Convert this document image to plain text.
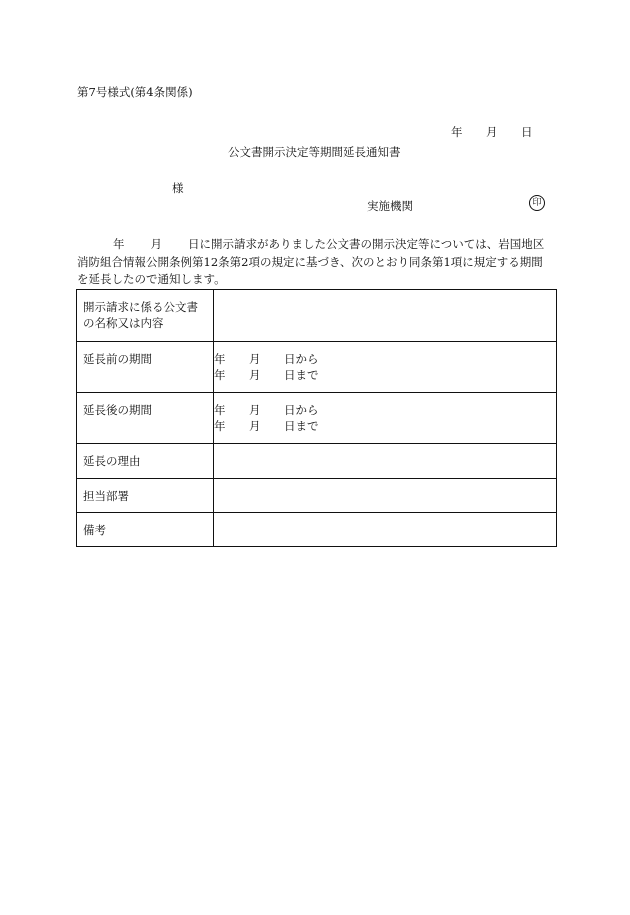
第7号様式(第4条関係)
年 月 日
公文書開示決定等期間延長通知書
様
実施機関	印
年 月 日に開示請求がありました公文書の開示決定等については、岩国地区
消防組合情報公開条例第12条第2項の規定に基づき、次のとおり同条第1項に規定する期間
を延長したので通知します。
開示請求に係る公文書の名称又は内容	
延長前の期間	年 月 日から
年 月 日まで

延長後の期間	年 月 日から
年 月 日まで

延長の理由	
担当部署	
備考	
